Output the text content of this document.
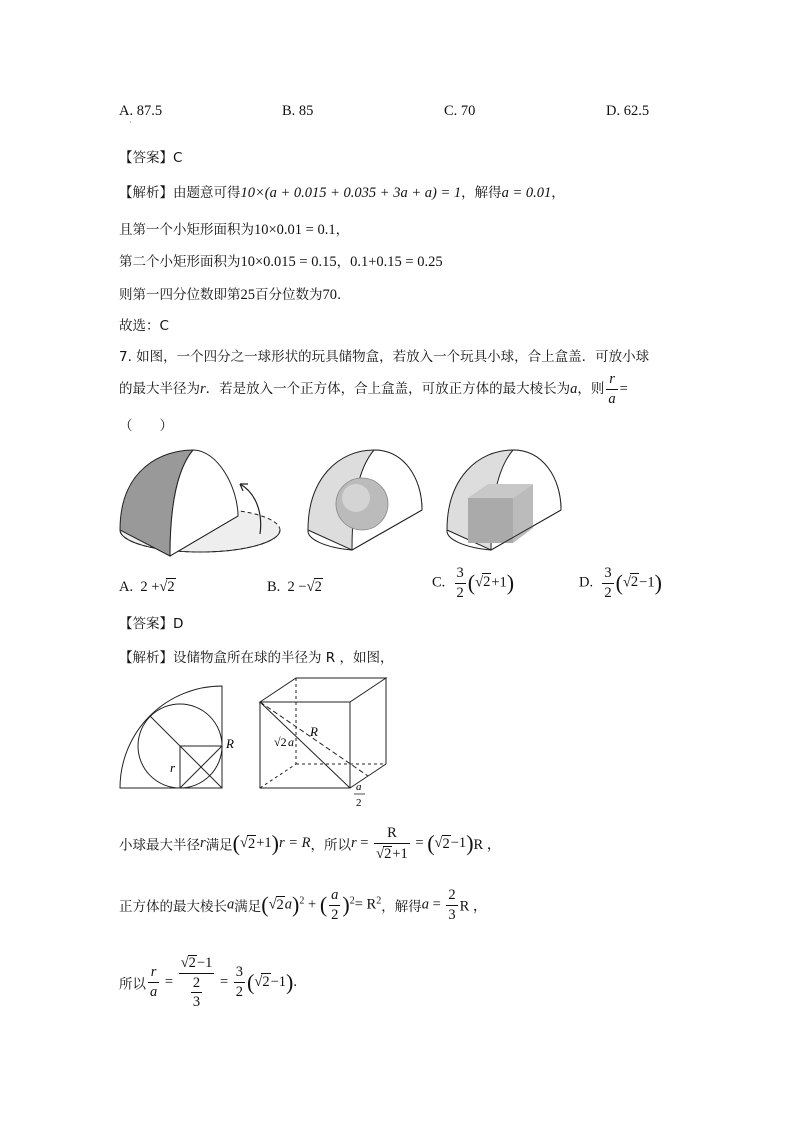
A. 87.5
·
B. 85	C. 70	D. 62.5
【答案】C
【解析】由题意可得10×(a + 0.015 + 0.035 + 3a + a) = 1，解得a = 0.01，
且第一个小矩形面积为10×0.01 = 0.1，
第二个小矩形面积为10×0.015 = 0.15，0.1+0.15 = 0.25
则第一四分位数即第25百分位数为70.
故选：C
7. 如图，一个四分之一球形状的玩具储物盒，若放入一个玩具小球，合上盒盖．可放小球
的最大半径为r．若是放入一个正方体，合上盒盖，可放正方体的最大棱长为a，则 $\frac{r}{a}$ =
（　　）
A. 2 +√2	B. 2 −√2	C. $\frac{3}{2} (√2+1)$	D. $\frac{3}{2} (√2-1)$
【答案】D
【解析】设储物盒所在球的半径为 R ，如图，
R
r
R
√2 a
a
2
小球最大半径r满足(√2+1)r = R，所以$r = \frac{R}{√2+1} = (√2-1)R$ ，
正方体的最大棱长a满足$(√2a)^2$ + ( $\frac{a}{2} )^2= R^2$，解得$a = \frac{2}{3}$ R ，
所以 $\frac{r}{a} = \frac{√2-1}{\frac{2}{3}} = \frac{3}{2} (√2-1)$.
